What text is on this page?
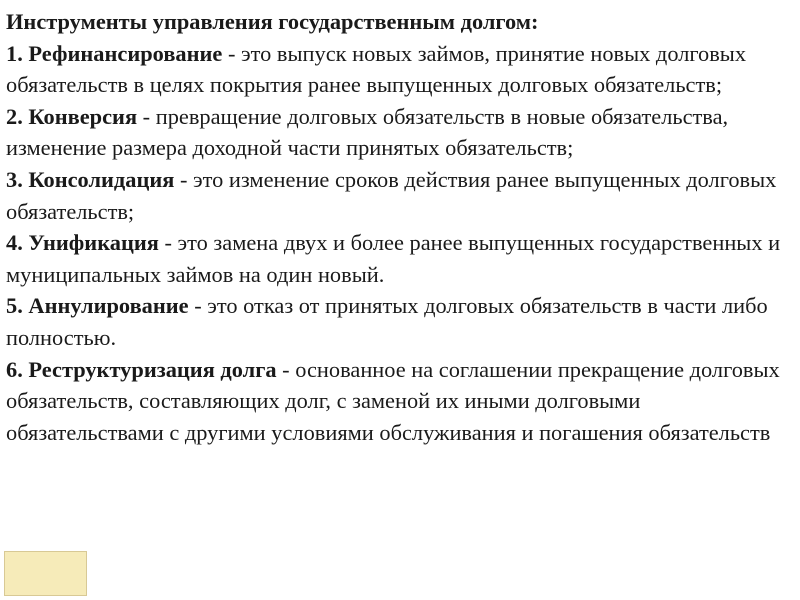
Инструменты управления государственным долгом:
1. Рефинансирование - это выпуск новых займов, принятие новых долговых обязательств в целях покрытия ранее выпущенных долговых обязательств;
2. Конверсия - превращение долговых обязательств в новые обязательства, изменение размера доходной части принятых обязательств;
3. Консолидация - это изменение сроков действия ранее выпущенных долговых обязательств;
4. Унификация - это замена двух и более ранее выпущенных государственных и муниципальных займов на один новый.
5. Аннулирование - это отказ от принятых долговых обязательств в части либо полностью.
6. Реструктуризация долга - основанное на соглашении прекращение долговых обязательств, составляющих долг, с заменой их иными долговыми обязательствами с другими условиями обслуживания и погашения обязательств
